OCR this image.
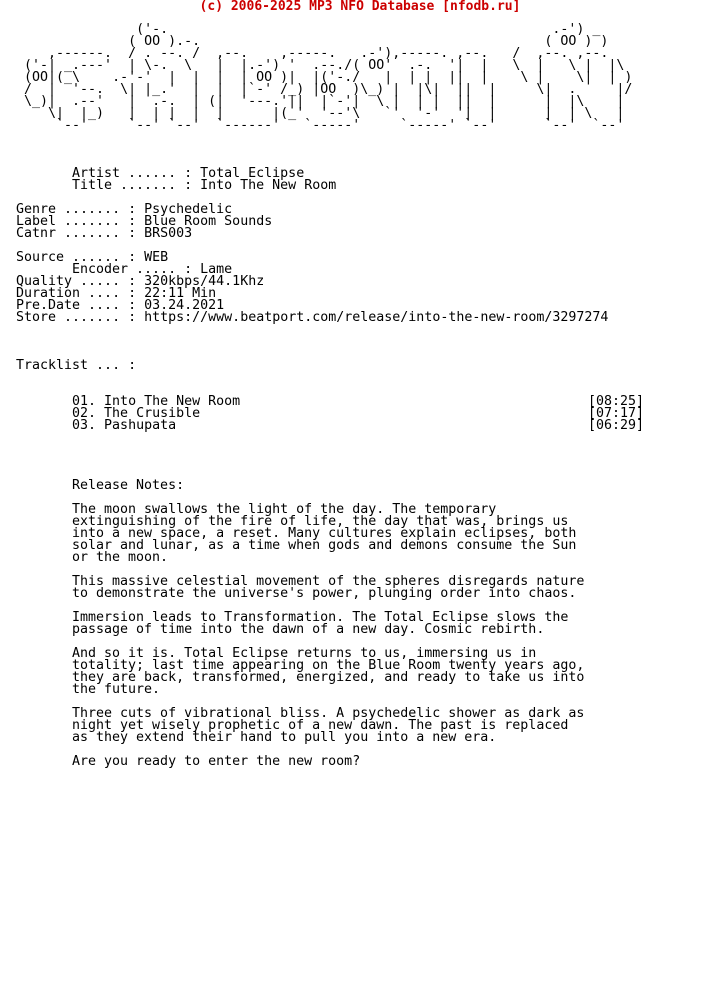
(c) 2006-2025 MP3 NFO Database [nfodb.ru]
('-.                                                .-') _
( OO ).-.                                           ( OO ) )
,------.  / . --. /  ,--.    ,-----.   .-'),-----. ,--.   /  ,--. ,--.
('-| _.---'  | \-.  \   |  |.-') '  .--./( OO'  .-.  '|  |   \  |   \ |  |\
(OO|(_\    .-'-'  |  |  |  | OO )|  |('-./   |  | |  ||  |    \ |    \|  | )
/  |  '--.  \| |_.'  |  |  |`-' /_) |OO  )\_) |  |\|  ||  |     \|  .     |/
\_)|  .--'   |  .-.  | (|  '---.'||  |`-'|  \ |  | |  ||  |      |  |\    |
\|  |_)   |  | |  |  |      |(_'  '--'\   `'  '-'  '|  |      |  | \   |
`--'     `--' `--'  `------'   `-----'     `-----' `--'      `--'  `--'
Artist ...... : Total Eclipse
Title ....... : Into The New Room
Genre ....... : Psychedelic
Label ....... : Blue Room Sounds
Catnr ....... : BRS003
Source ...... : WEB
Encoder ..... : Lame
Quality ..... : 320kbps/44.1Khz
Duration .... : 22:11 Min
Pre.Date .... : 03.24.2021
Store ....... : https://www.beatport.com/release/into-the-new-room/3297274
Tracklist ... :
01. Into The New Room	[08:25]
02. The Crusible	[07:17]
03. Pashupata	[06:29]
Release Notes:
The moon swallows the light of the day. The temporary
extinguishing of the fire of life, the day that was, brings us
into a new space, a reset. Many cultures explain eclipses, both
solar and lunar, as a time when gods and demons consume the Sun
or the moon.
This massive celestial movement of the spheres disregards nature
to demonstrate the universe's power, plunging order into chaos.
Immersion leads to Transformation. The Total Eclipse slows the
passage of time into the dawn of a new day. Cosmic rebirth.
And so it is. Total Eclipse returns to us, immersing us in
totality; last time appearing on the Blue Room twenty years ago,
they are back, transformed, energized, and ready to take us into
the future.
Three cuts of vibrational bliss. A psychedelic shower as dark as
night yet wisely prophetic of a new dawn. The past is replaced
as they extend their hand to pull you into a new era.
Are you ready to enter the new room?
